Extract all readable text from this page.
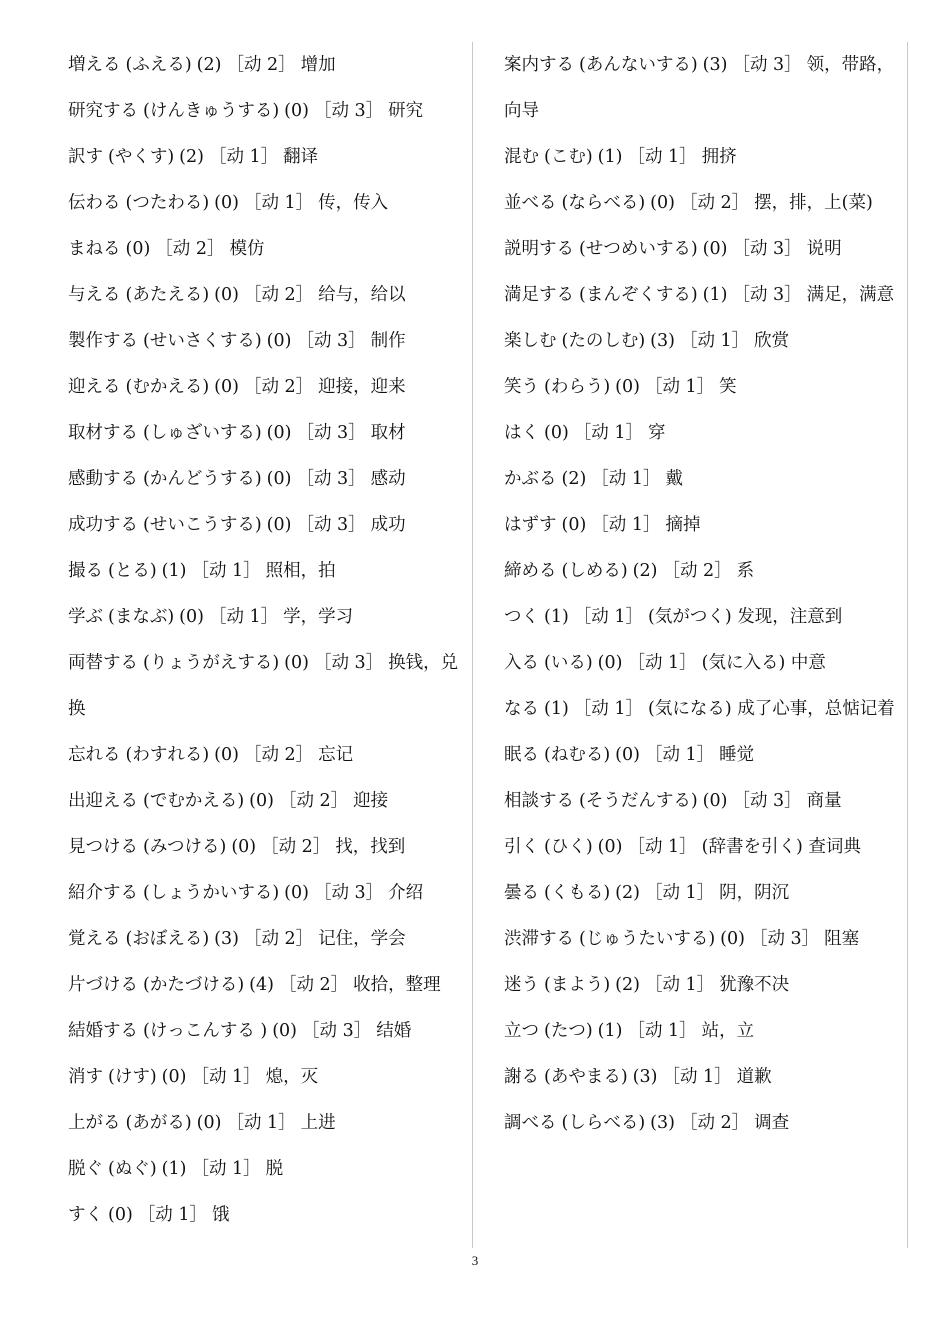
増える (ふえる) (2) ［动 2］ 增加
研究する (けんきゅうする) (0) ［动 3］ 研究
訳す (やくす) (2) ［动 1］ 翻译
伝わる (つたわる) (0) ［动 1］ 传，传入
まねる (0) ［动 2］ 模仿
与える (あたえる) (0) ［动 2］ 给与，给以
製作する (せいさくする) (0) ［动 3］ 制作
迎える (むかえる) (0) ［动 2］ 迎接，迎来
取材する (しゅざいする) (0) ［动 3］ 取材
感動する (かんどうする) (0) ［动 3］ 感动
成功する (せいこうする) (0) ［动 3］ 成功
撮る (とる) (1) ［动 1］ 照相，拍
学ぶ (まなぶ) (0) ［动 1］ 学，学习
両替する (りょうがえする) (0) ［动 3］ 换钱，兑换
忘れる (わすれる) (0) ［动 2］ 忘记
出迎える (でむかえる) (0) ［动 2］ 迎接
見つける (みつける) (0) ［动 2］ 找，找到
紹介する (しょうかいする) (0) ［动 3］ 介绍
覚える (おぼえる) (3) ［动 2］ 记住，学会
片づける (かたづける) (4) ［动 2］ 收拾，整理
結婚する (けっこんする ) (0) ［动 3］ 结婚
消す (けす) (0) ［动 1］ 熄，灭
上がる (あがる) (0) ［动 1］ 上进
脱ぐ (ぬぐ) (1) ［动 1］ 脱
すく (0) ［动 1］ 饿
案内する (あんないする) (3) ［动 3］ 领，带路，向导
混む (こむ) (1) ［动 1］ 拥挤
並べる (ならべる) (0) ［动 2］ 摆，排，上(菜)
説明する (せつめいする) (0) ［动 3］ 说明
満足する (まんぞくする) (1) ［动 3］ 满足，满意
楽しむ (たのしむ) (3) ［动 1］ 欣赏
笑う (わらう) (0) ［动 1］ 笑
はく (0) ［动 1］ 穿
かぶる (2) ［动 1］ 戴
はずす (0) ［动 1］ 摘掉
締める (しめる) (2) ［动 2］ 系
つく (1) ［动 1］ (気がつく) 发现，注意到
入る (いる) (0) ［动 1］ (気に入る) 中意
なる (1) ［动 1］ (気になる) 成了心事，总惦记着
眠る (ねむる) (0) ［动 1］ 睡觉
相談する (そうだんする) (0) ［动 3］ 商量
引く (ひく) (0) ［动 1］ (辞書を引く) 查词典
曇る (くもる) (2) ［动 1］ 阴，阴沉
渋滞する (じゅうたいする) (0) ［动 3］ 阻塞
迷う (まよう) (2) ［动 1］ 犹豫不决
立つ (たつ) (1) ［动 1］ 站，立
謝る (あやまる) (3) ［动 1］ 道歉
調べる (しらべる) (3) ［动 2］ 调查
3
